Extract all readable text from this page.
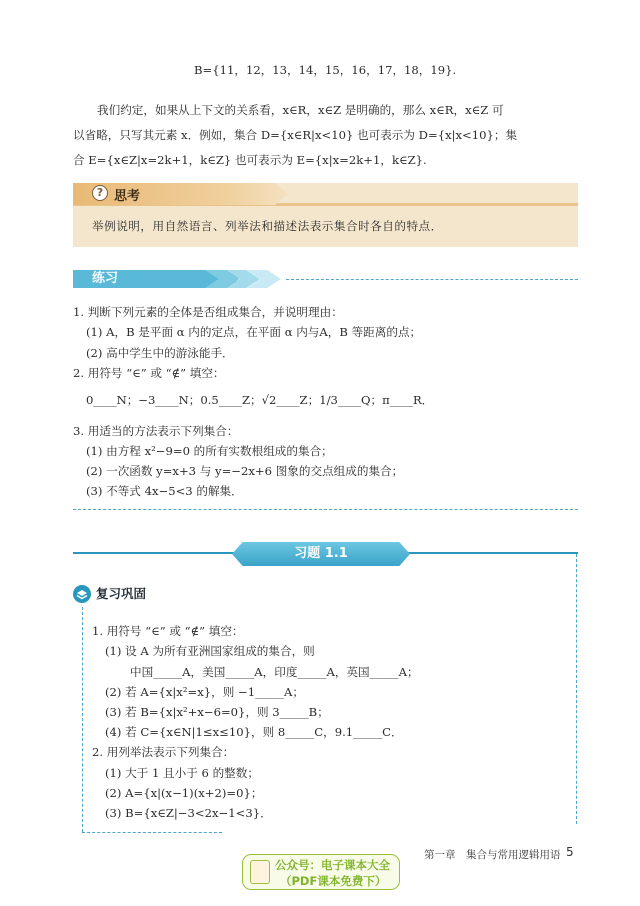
B={11，12，13，14，15，16，17，18，19}.
我们约定，如果从上下文的关系看，x∈R，x∈Z 是明确的，那么 x∈R，x∈Z 可
以省略，只写其元素 x．例如，集合 D={x∈R|x<10} 也可表示为 D={x|x<10}；集
合 E={x∈Z|x=2k+1，k∈Z} 也可表示为 E={x|x=2k+1，k∈Z}.
? 思考
举例说明，用自然语言、列举法和描述法表示集合时各自的特点．
练习
1. 判断下列元素的全体是否组成集合，并说明理由：
(1) A，B 是平面 α 内的定点，在平面 α 内与A，B 等距离的点；
(2) 高中学生中的游泳能手．
2. 用符号 “∈” 或 “∉” 填空：
0____N；−3____N；0.5____Z；√2____Z；1/3____Q；π____R．
3. 用适当的方法表示下列集合：
(1) 由方程 x²−9=0 的所有实数根组成的集合；
(2) 一次函数 y=x+3 与 y=−2x+6 图象的交点组成的集合；
(3) 不等式 4x−5<3 的解集．
习题 1.1
复习巩固
1. 用符号 “∈” 或 “∉” 填空：
(1) 设 A 为所有亚洲国家组成的集合，则
中国_____A，美国_____A，印度_____A，英国_____A；
(2) 若 A={x|x²=x}，则 −1_____A；
(3) 若 B={x|x²+x−6=0}，则 3_____B；
(4) 若 C={x∈N|1≤x≤10}，则 8_____C，9.1_____C．
2. 用列举法表示下列集合：
(1) 大于 1 且小于 6 的整数；
(2) A={x|(x−1)(x+2)=0}；
(3) B={x∈Z|−3<2x−1<3}．
第一章　集合与常用逻辑用语 5
公众号：电子课本大全
（PDF课本免费下）
